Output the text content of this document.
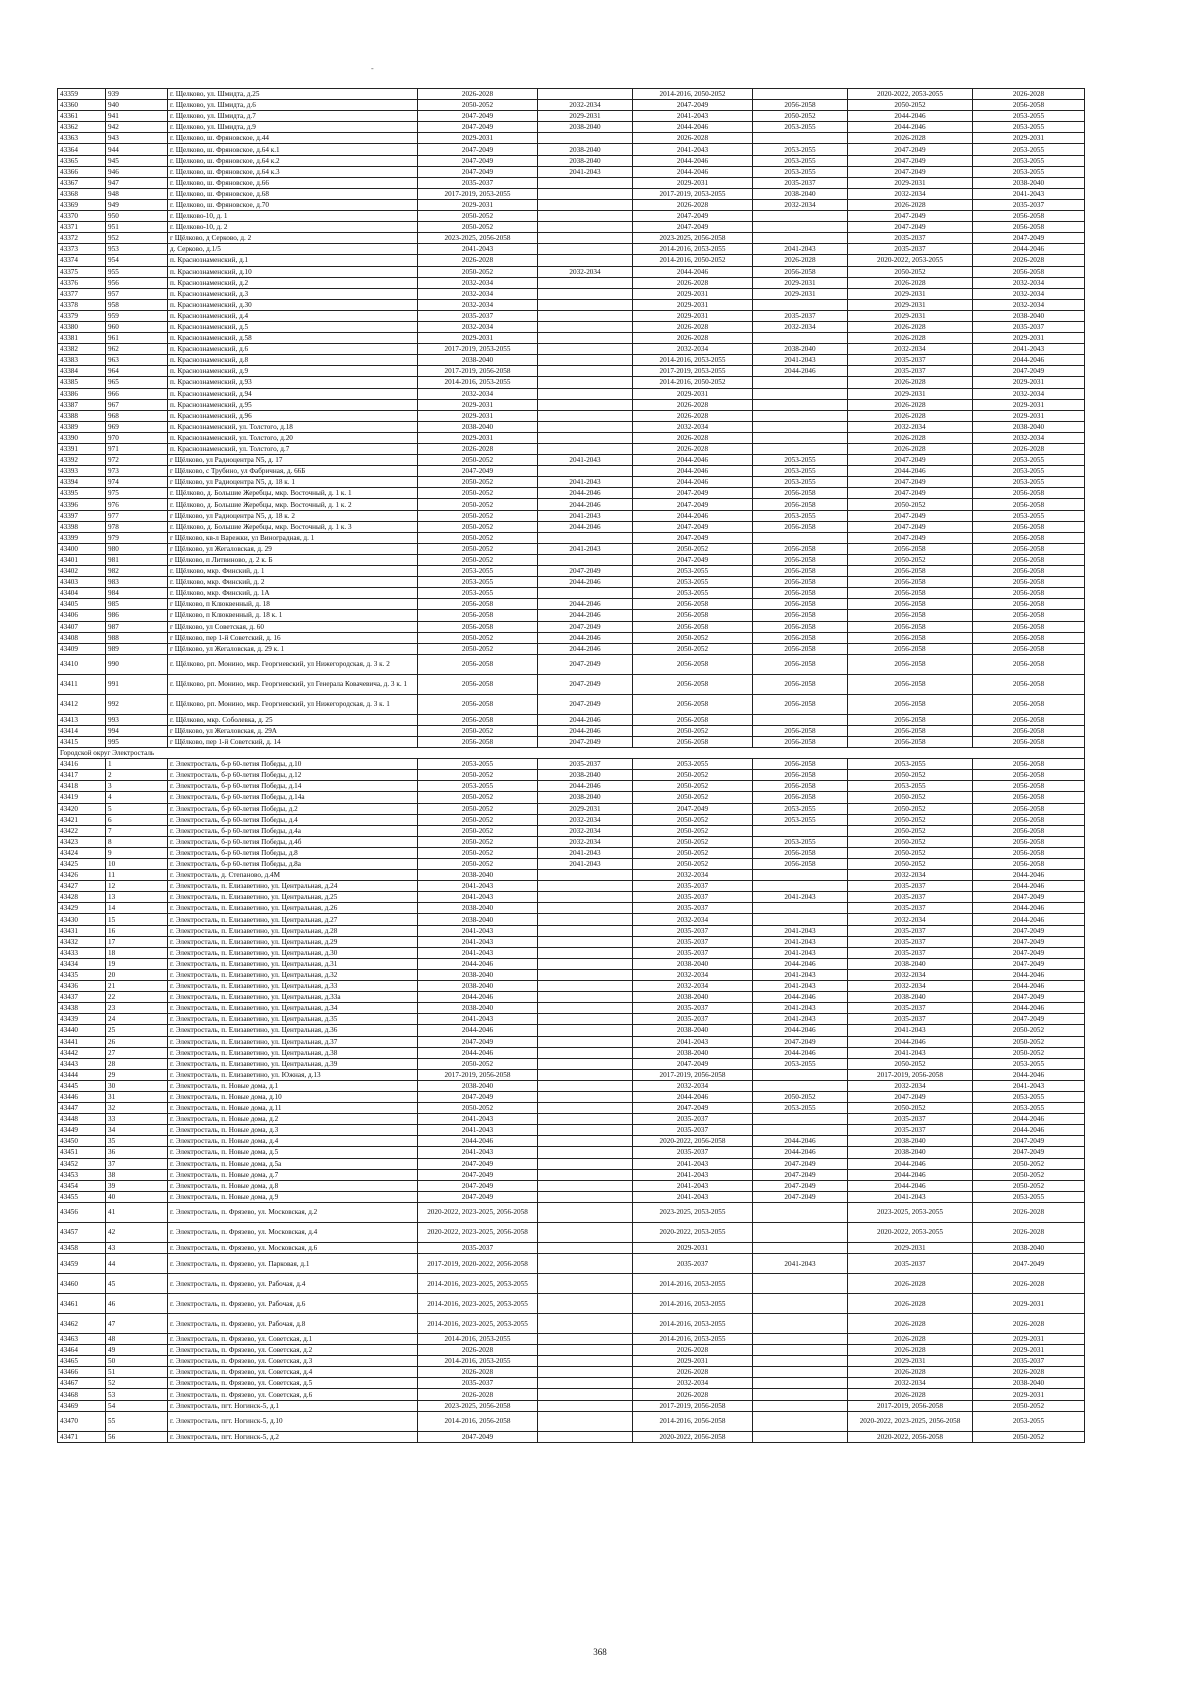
-
43359	939	г. Щелково, ул. Шмидта, д.25	2026-2028		2014-2016, 2050-2052		2020-2022, 2053-2055	2026-2028
43360	940	г. Щелково, ул. Шмидта, д.6	2050-2052	2032-2034	2047-2049	2056-2058	2050-2052	2056-2058
43361	941	г. Щелково, ул. Шмидта, д.7	2047-2049	2029-2031	2041-2043	2050-2052	2044-2046	2053-2055
43362	942	г. Щелково, ул. Шмидта, д.9	2047-2049	2038-2040	2044-2046	2053-2055	2044-2046	2053-2055
43363	943	г. Щелково, ш. Фряновское, д.44	2029-2031		2026-2028		2026-2028	2029-2031
43364	944	г. Щелково, ш. Фряновское, д.64 к.1	2047-2049	2038-2040	2041-2043	2053-2055	2047-2049	2053-2055
43365	945	г. Щелково, ш. Фряновское, д.64 к.2	2047-2049	2038-2040	2044-2046	2053-2055	2047-2049	2053-2055
43366	946	г. Щелково, ш. Фряновское, д.64 к.3	2047-2049	2041-2043	2044-2046	2053-2055	2047-2049	2053-2055
43367	947	г. Щелково, ш. Фряновское, д.66	2035-2037		2029-2031	2035-2037	2029-2031	2038-2040
43368	948	г. Щелково, ш. Фряновское, д.68	2017-2019, 2053-2055		2017-2019, 2053-2055	2038-2040	2032-2034	2041-2043
43369	949	г. Щелково, ш. Фряновское, д.70	2029-2031		2026-2028	2032-2034	2026-2028	2035-2037
43370	950	г. Щелково-10, д. 1	2050-2052		2047-2049		2047-2049	2056-2058
43371	951	г. Щелково-10, д. 2	2050-2052		2047-2049		2047-2049	2056-2058
43372	952	г Щёлково, д Серково, д. 2	2023-2025, 2056-2058		2023-2025, 2056-2058		2035-2037	2047-2049
43373	953	д. Серково, д.1/5	2041-2043		2014-2016, 2053-2055	2041-2043	2035-2037	2044-2046
43374	954	п. Краснознаменский, д.1	2026-2028		2014-2016, 2050-2052	2026-2028	2020-2022, 2053-2055	2026-2028
43375	955	п. Краснознаменский, д.10	2050-2052	2032-2034	2044-2046	2056-2058	2050-2052	2056-2058
43376	956	п. Краснознаменский, д.2	2032-2034		2026-2028	2029-2031	2026-2028	2032-2034
43377	957	п. Краснознаменский, д.3	2032-2034		2029-2031	2029-2031	2029-2031	2032-2034
43378	958	п. Краснознаменский, д.30	2032-2034		2029-2031		2029-2031	2032-2034
43379	959	п. Краснознаменский, д.4	2035-2037		2029-2031	2035-2037	2029-2031	2038-2040
43380	960	п. Краснознаменский, д.5	2032-2034		2026-2028	2032-2034	2026-2028	2035-2037
43381	961	п. Краснознаменский, д.58	2029-2031		2026-2028		2026-2028	2029-2031
43382	962	п. Краснознаменский, д.6	2017-2019, 2053-2055		2032-2034	2038-2040	2032-2034	2041-2043
43383	963	п. Краснознаменский, д.8	2038-2040		2014-2016, 2053-2055	2041-2043	2035-2037	2044-2046
43384	964	п. Краснознаменский, д.9	2017-2019, 2056-2058		2017-2019, 2053-2055	2044-2046	2035-2037	2047-2049
43385	965	п. Краснознаменский, д.93	2014-2016, 2053-2055		2014-2016, 2050-2052		2026-2028	2029-2031
43386	966	п. Краснознаменский, д.94	2032-2034		2029-2031		2029-2031	2032-2034
43387	967	п. Краснознаменский, д.95	2029-2031		2026-2028		2026-2028	2029-2031
43388	968	п. Краснознаменский, д.96	2029-2031		2026-2028		2026-2028	2029-2031
43389	969	п. Краснознаменский, ул. Толстого, д.18	2038-2040		2032-2034		2032-2034	2038-2040
43390	970	п. Краснознаменский, ул. Толстого, д.20	2029-2031		2026-2028		2026-2028	2032-2034
43391	971	п. Краснознаменский, ул. Толстого, д.7	2026-2028		2026-2028		2026-2028	2026-2028
43392	972	г Щёлково, ул Радиоцентра N5, д. 17	2050-2052	2041-2043	2044-2046	2053-2055	2047-2049	2053-2055
43393	973	г Щёлково, с Трубино, ул Фабричная, д. 66Б	2047-2049		2044-2046	2053-2055	2044-2046	2053-2055
43394	974	г Щёлково, ул Радиоцентра N5, д. 18 к. 1	2050-2052	2041-2043	2044-2046	2053-2055	2047-2049	2053-2055
43395	975	г. Щёлково, д. Большие Жеребцы, мкр. Восточный, д. 1 к. 1	2050-2052	2044-2046	2047-2049	2056-2058	2047-2049	2056-2058
43396	976	г. Щёлково, д. Большие Жеребцы, мкр. Восточный, д. 1 к. 2	2050-2052	2044-2046	2047-2049	2056-2058	2050-2052	2056-2058
43397	977	г Щёлково, ул Радиоцентра N5, д. 18 к. 2	2050-2052	2041-2043	2044-2046	2053-2055	2047-2049	2053-2055
43398	978	г. Щёлково, д. Большие Жеребцы, мкр. Восточный, д. 1 к. 3	2050-2052	2044-2046	2047-2049	2056-2058	2047-2049	2056-2058
43399	979	г Щёлково, кв-л Варежки, ул Виноградная, д. 1	2050-2052		2047-2049		2047-2049	2056-2058
43400	980	г Щёлково, ул Жегаловская, д. 29	2050-2052	2041-2043	2050-2052	2056-2058	2056-2058	2056-2058
43401	981	г Щёлково, п Литвиново, д. 2 к. Б	2050-2052		2047-2049	2056-2058	2050-2052	2056-2058
43402	982	г. Щёлково, мкр. Финский, д. 1	2053-2055	2047-2049	2053-2055	2056-2058	2056-2058	2056-2058
43403	983	г. Щёлково, мкр. Финский, д. 2	2053-2055	2044-2046	2053-2055	2056-2058	2056-2058	2056-2058
43404	984	г. Щёлково, мкр. Финский, д. 1А	2053-2055		2053-2055	2056-2058	2056-2058	2056-2058
43405	985	г Щёлково, п Клюквенный, д. 18	2056-2058	2044-2046	2056-2058	2056-2058	2056-2058	2056-2058
43406	986	г Щёлково, п Клюквенный, д. 18 к. 1	2056-2058	2044-2046	2056-2058	2056-2058	2056-2058	2056-2058
43407	987	г Щёлково, ул Советская, д. 60	2056-2058	2047-2049	2056-2058	2056-2058	2056-2058	2056-2058
43408	988	г Щёлково, пер 1-й Советский, д. 16	2050-2052	2044-2046	2050-2052	2056-2058	2056-2058	2056-2058
43409	989	г Щёлково, ул Жегаловская, д. 29 к. 1	2050-2052	2044-2046	2050-2052	2056-2058	2056-2058	2056-2058
43410	990	г. Щёлково, рп. Монино, мкр. Георгиевский, ул Нижегородская, д. 3 к. 2	2056-2058	2047-2049	2056-2058	2056-2058	2056-2058	2056-2058
43411	991	г. Щёлково, рп. Монино, мкр. Георгиевский, ул Генерала Ковачевича, д. 3 к. 1	2056-2058	2047-2049	2056-2058	2056-2058	2056-2058	2056-2058
43412	992	г. Щёлково, рп. Монино, мкр. Георгиевский, ул Нижегородская, д. 3 к. 1	2056-2058	2047-2049	2056-2058	2056-2058	2056-2058	2056-2058
43413	993	г. Щёлково, мкр. Соболевка, д. 25	2056-2058	2044-2046	2056-2058		2056-2058	2056-2058
43414	994	г Щёлково, ул Жегаловская, д. 29А	2050-2052	2044-2046	2050-2052	2056-2058	2056-2058	2056-2058
43415	995	г Щёлково, пер 1-й Советский, д. 14	2056-2058	2047-2049	2056-2058	2056-2058	2056-2058	2056-2058
Городской округ Электросталь								
43416	1	г. Электросталь, б-р 60-летия Победы, д.10	2053-2055	2035-2037	2053-2055	2056-2058	2053-2055	2056-2058
43417	2	г. Электросталь, б-р 60-летия Победы, д.12	2050-2052	2038-2040	2050-2052	2056-2058	2050-2052	2056-2058
43418	3	г. Электросталь, б-р 60-летия Победы, д.14	2053-2055	2044-2046	2050-2052	2056-2058	2053-2055	2056-2058
43419	4	г. Электросталь, б-р 60-летия Победы, д.14а	2050-2052	2038-2040	2050-2052	2056-2058	2050-2052	2056-2058
43420	5	г. Электросталь, б-р 60-летия Победы, д.2	2050-2052	2029-2031	2047-2049	2053-2055	2050-2052	2056-2058
43421	6	г. Электросталь, б-р 60-летия Победы, д.4	2050-2052	2032-2034	2050-2052	2053-2055	2050-2052	2056-2058
43422	7	г. Электросталь, б-р 60-летия Победы, д.4а	2050-2052	2032-2034	2050-2052		2050-2052	2056-2058
43423	8	г. Электросталь, б-р 60-летия Победы, д.4б	2050-2052	2032-2034	2050-2052	2053-2055	2050-2052	2056-2058
43424	9	г. Электросталь, б-р 60-летия Победы, д.8	2050-2052	2041-2043	2050-2052	2056-2058	2050-2052	2056-2058
43425	10	г. Электросталь, б-р 60-летия Победы, д.8а	2050-2052	2041-2043	2050-2052	2056-2058	2050-2052	2056-2058
43426	11	г. Электросталь, д. Степаново, д.4М	2038-2040		2032-2034		2032-2034	2044-2046
43427	12	г. Электросталь, п. Елизаветино, ул. Центральная, д.24	2041-2043		2035-2037		2035-2037	2044-2046
43428	13	г. Электросталь, п. Елизаветино, ул. Центральная, д.25	2041-2043		2035-2037	2041-2043	2035-2037	2047-2049
43429	14	г. Электросталь, п. Елизаветино, ул. Центральная, д.26	2038-2040		2035-2037		2035-2037	2044-2046
43430	15	г. Электросталь, п. Елизаветино, ул. Центральная, д.27	2038-2040		2032-2034		2032-2034	2044-2046
43431	16	г. Электросталь, п. Елизаветино, ул. Центральная, д.28	2041-2043		2035-2037	2041-2043	2035-2037	2047-2049
43432	17	г. Электросталь, п. Елизаветино, ул. Центральная, д.29	2041-2043		2035-2037	2041-2043	2035-2037	2047-2049
43433	18	г. Электросталь, п. Елизаветино, ул. Центральная, д.30	2041-2043		2035-2037	2041-2043	2035-2037	2047-2049
43434	19	г. Электросталь, п. Елизаветино, ул. Центральная, д.31	2044-2046		2038-2040	2044-2046	2038-2040	2047-2049
43435	20	г. Электросталь, п. Елизаветино, ул. Центральная, д.32	2038-2040		2032-2034	2041-2043	2032-2034	2044-2046
43436	21	г. Электросталь, п. Елизаветино, ул. Центральная, д.33	2038-2040		2032-2034	2041-2043	2032-2034	2044-2046
43437	22	г. Электросталь, п. Елизаветино, ул. Центральная, д.33а	2044-2046		2038-2040	2044-2046	2038-2040	2047-2049
43438	23	г. Электросталь, п. Елизаветино, ул. Центральная, д.34	2038-2040		2035-2037	2041-2043	2035-2037	2044-2046
43439	24	г. Электросталь, п. Елизаветино, ул. Центральная, д.35	2041-2043		2035-2037	2041-2043	2035-2037	2047-2049
43440	25	г. Электросталь, п. Елизаветино, ул. Центральная, д.36	2044-2046		2038-2040	2044-2046	2041-2043	2050-2052
43441	26	г. Электросталь, п. Елизаветино, ул. Центральная, д.37	2047-2049		2041-2043	2047-2049	2044-2046	2050-2052
43442	27	г. Электросталь, п. Елизаветино, ул. Центральная, д.38	2044-2046		2038-2040	2044-2046	2041-2043	2050-2052
43443	28	г. Электросталь, п. Елизаветино, ул. Центральная, д.39	2050-2052		2047-2049	2053-2055	2050-2052	2053-2055
43444	29	г. Электросталь, п. Елизаветино, ул. Южная, д.13	2017-2019, 2056-2058		2017-2019, 2056-2058		2017-2019, 2056-2058	2044-2046
43445	30	г. Электросталь, п. Новые дома, д.1	2038-2040		2032-2034		2032-2034	2041-2043
43446	31	г. Электросталь, п. Новые дома, д.10	2047-2049		2044-2046	2050-2052	2047-2049	2053-2055
43447	32	г. Электросталь, п. Новые дома, д.11	2050-2052		2047-2049	2053-2055	2050-2052	2053-2055
43448	33	г. Электросталь, п. Новые дома, д.2	2041-2043		2035-2037		2035-2037	2044-2046
43449	34	г. Электросталь, п. Новые дома, д.3	2041-2043		2035-2037		2035-2037	2044-2046
43450	35	г. Электросталь, п. Новые дома, д.4	2044-2046		2020-2022, 2056-2058	2044-2046	2038-2040	2047-2049
43451	36	г. Электросталь, п. Новые дома, д.5	2041-2043		2035-2037	2044-2046	2038-2040	2047-2049
43452	37	г. Электросталь, п. Новые дома, д.5а	2047-2049		2041-2043	2047-2049	2044-2046	2050-2052
43453	38	г. Электросталь, п. Новые дома, д.7	2047-2049		2041-2043	2047-2049	2044-2046	2050-2052
43454	39	г. Электросталь, п. Новые дома, д.8	2047-2049		2041-2043	2047-2049	2044-2046	2050-2052
43455	40	г. Электросталь, п. Новые дома, д.9	2047-2049		2041-2043	2047-2049	2041-2043	2053-2055
43456	41	г. Электросталь, п. Фрязево, ул. Московская, д.2	2020-2022, 2023-2025, 2056-2058		2023-2025, 2053-2055		2023-2025, 2053-2055	2026-2028
43457	42	г. Электросталь, п. Фрязево, ул. Московская, д.4	2020-2022, 2023-2025, 2056-2058		2020-2022, 2053-2055		2020-2022, 2053-2055	2026-2028
43458	43	г. Электросталь, п. Фрязево, ул. Московская, д.6	2035-2037		2029-2031		2029-2031	2038-2040
43459	44	г. Электросталь, п. Фрязево, ул. Парковая, д.1	2017-2019, 2020-2022, 2056-2058		2035-2037	2041-2043	2035-2037	2047-2049
43460	45	г. Электросталь, п. Фрязево, ул. Рабочая, д.4	2014-2016, 2023-2025, 2053-2055		2014-2016, 2053-2055		2026-2028	2026-2028
43461	46	г. Электросталь, п. Фрязево, ул. Рабочая, д.6	2014-2016, 2023-2025, 2053-2055		2014-2016, 2053-2055		2026-2028	2029-2031
43462	47	г. Электросталь, п. Фрязево, ул. Рабочая, д.8	2014-2016, 2023-2025, 2053-2055		2014-2016, 2053-2055		2026-2028	2026-2028
43463	48	г. Электросталь, п. Фрязево, ул. Советская, д.1	2014-2016, 2053-2055		2014-2016, 2053-2055		2026-2028	2029-2031
43464	49	г. Электросталь, п. Фрязево, ул. Советская, д.2	2026-2028		2026-2028		2026-2028	2029-2031
43465	50	г. Электросталь, п. Фрязево, ул. Советская, д.3	2014-2016, 2053-2055		2029-2031		2029-2031	2035-2037
43466	51	г. Электросталь, п. Фрязево, ул. Советская, д.4	2026-2028		2026-2028		2026-2028	2026-2028
43467	52	г. Электросталь, п. Фрязево, ул. Советская, д.5	2035-2037		2032-2034		2032-2034	2038-2040
43468	53	г. Электросталь, п. Фрязево, ул. Советская, д.6	2026-2028		2026-2028		2026-2028	2029-2031
43469	54	г. Электросталь, пгт. Ногинск-5, д.1	2023-2025, 2056-2058		2017-2019, 2056-2058		2017-2019, 2056-2058	2050-2052
43470	55	г. Электросталь, пгт. Ногинск-5, д.10	2014-2016, 2056-2058		2014-2016, 2056-2058		2020-2022, 2023-2025, 2056-2058	2053-2055
43471	56	г. Электросталь, пгт. Ногинск-5, д.2	2047-2049		2020-2022, 2056-2058		2020-2022, 2056-2058	2050-2052
368
